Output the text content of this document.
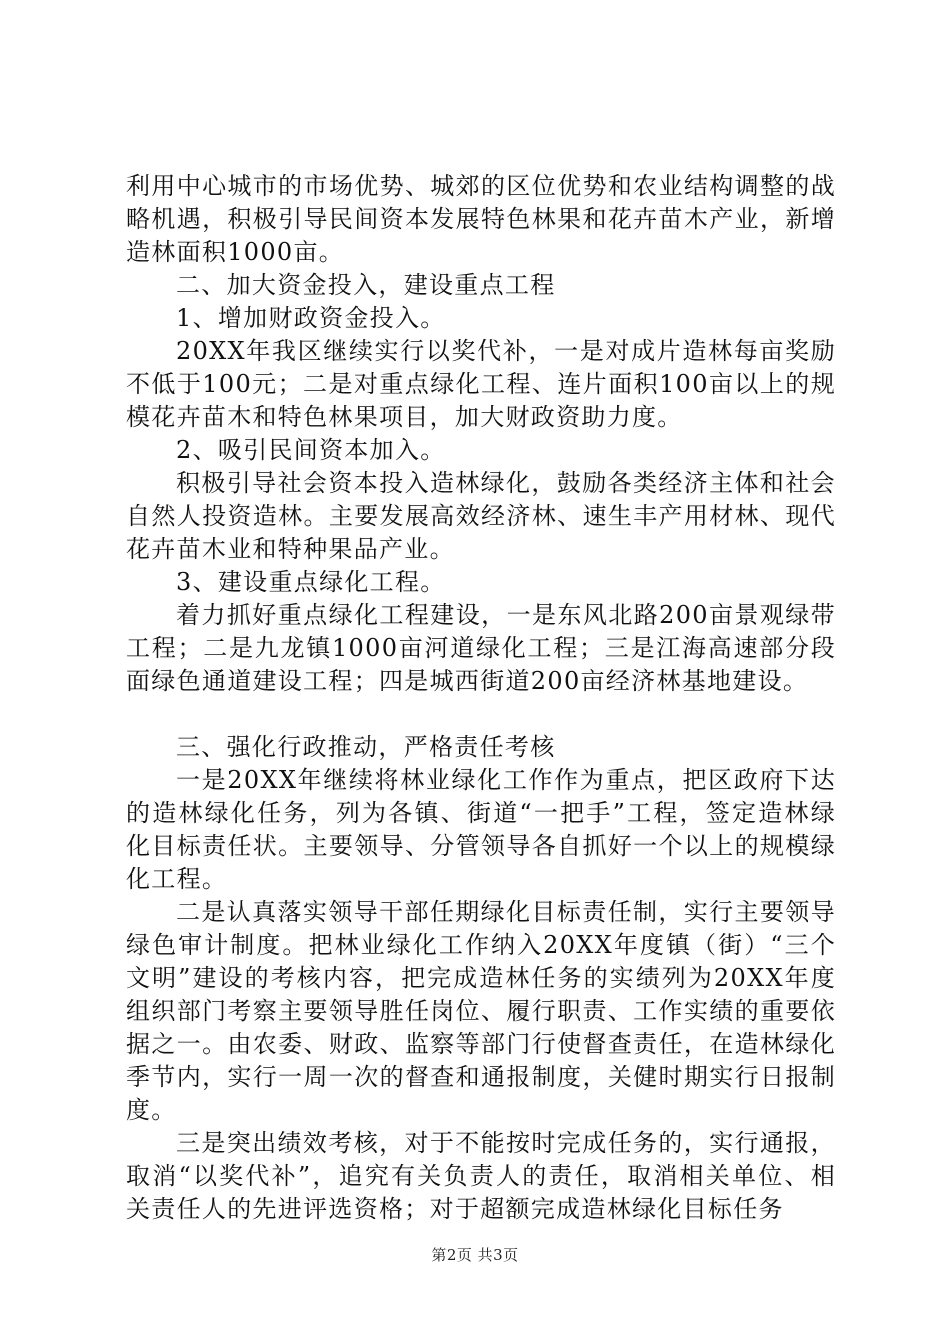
利用中心城市的市场优势、城郊的区位优势和农业结构调整的战略机遇，积极引导民间资本发展特色林果和花卉苗木产业，新增造林面积1000亩。

二、加大资金投入，建设重点工程

1、增加财政资金投入。

20XX年我区继续实行以奖代补，一是对成片造林每亩奖励不低于100元；二是对重点绿化工程、连片面积100亩以上的规模花卉苗木和特色林果项目，加大财政资助力度。

2、吸引民间资本加入。

积极引导社会资本投入造林绿化，鼓励各类经济主体和社会自然人投资造林。主要发展高效经济林、速生丰产用材林、现代花卉苗木业和特种果品产业。

3、建设重点绿化工程。

着力抓好重点绿化工程建设，一是东风北路200亩景观绿带工程；二是九龙镇1000亩河道绿化工程；三是江海高速部分段面绿色通道建设工程；四是城西街道200亩经济林基地建设。

三、强化行政推动，严格责任考核

一是20XX年继续将林业绿化工作作为重点，把区政府下达的造林绿化任务，列为各镇、街道“一把手”工程，签定造林绿化目标责任状。主要领导、分管领导各自抓好一个以上的规模绿化工程。

二是认真落实领导干部任期绿化目标责任制，实行主要领导绿色审计制度。把林业绿化工作纳入20XX年度镇（街）“三个文明”建设的考核内容，把完成造林任务的实绩列为20XX年度组织部门考察主要领导胜任岗位、履行职责、工作实绩的重要依据之一。由农委、财政、监察等部门行使督查责任，在造林绿化季节内，实行一周一次的督查和通报制度，关健时期实行日报制度。

三是突出绩效考核，对于不能按时完成任务的，实行通报，取消“以奖代补”，追究有关负责人的责任，取消相关单位、相关责任人的先进评选资格；对于超额完成造林绿化目标任务

第2页 共3页
